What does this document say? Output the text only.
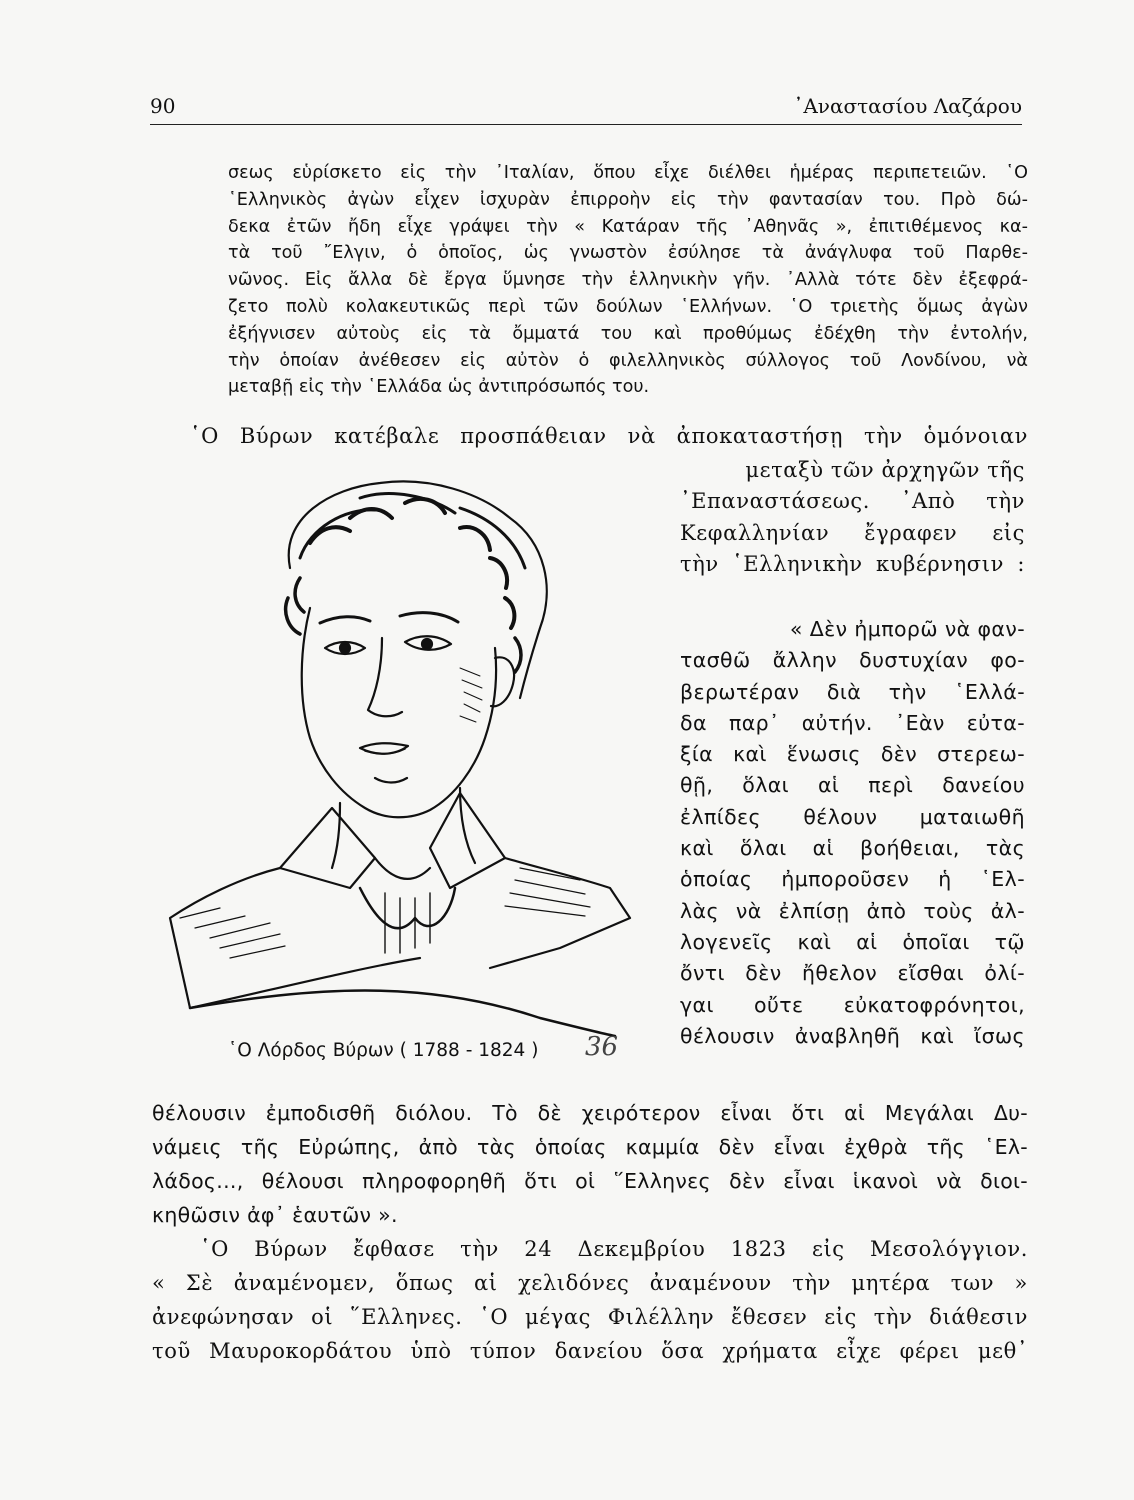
90	᾿Αναστασίου Λαζάρου
σεως εὑρίσκετο εἰς τὴν ᾿Ιταλίαν, ὅπου εἶχε διέλθει ἡμέρας περιπετειῶν. ῾Ο
῾Ελληνικὸς ἀγὼν εἶχεν ἰσχυρὰν ἐπιρροὴν εἰς τὴν φαντασίαν του. Πρὸ δώ-
δεκα ἐτῶν ἤδη εἶχε γράψει τὴν « Κατάραν τῆς ᾿Αθηνᾶς », ἐπιτιθέμενος κα-
τὰ τοῦ ῎Ελγιν, ὁ ὁποῖος, ὡς γνωστὸν ἐσύλησε τὰ ἀνάγλυφα τοῦ Παρθε-
νῶνος. Εἰς ἄλλα δὲ ἔργα ὕμνησε τὴν ἑλληνικὴν γῆν. ᾿Αλλὰ τότε δὲν ἐξεφρά-
ζετο πολὺ κολακευτικῶς περὶ τῶν δούλων ῾Ελλήνων. ῾Ο τριετὴς ὅμως ἀγὼν
ἐξήγνισεν αὐτοὺς εἰς τὰ ὄμματά του καὶ προθύμως ἐδέχθη τὴν ἐντολήν,
τὴν ὁποίαν ἀνέθεσεν εἰς αὐτὸν ὁ φιλελληνικὸς σύλλογος τοῦ Λονδίνου, νὰ
μεταβῇ εἰς τὴν ῾Ελλάδα ὡς ἀντιπρόσωπός του.
῾Ο Βύρων κατέβαλε προσπάθειαν νὰ ἀποκαταστήσῃ τὴν ὁμόνοιαν
μεταξὺ τῶν ἀρχηγῶν τῆς
᾿Επαναστάσεως. ᾿Απὸ τὴν
Κεφαλληνίαν ἔγραφεν εἰς
τὴν ῾Ελληνικὴν κυβέρνησιν :
« Δὲν ἠμπορῶ νὰ φαν-
τασθῶ ἄλλην δυστυχίαν φο-
βερωτέραν διὰ τὴν ῾Ελλά-
δα παρ᾿ αὐτήν. ᾿Εὰν εὐτα-
ξία καὶ ἕνωσις δὲν στερεω-
θῇ, ὅλαι αἱ περὶ δανείου
ἐλπίδες θέλουν ματαιωθῆ
καὶ ὅλαι αἱ βοήθειαι, τὰς
ὁποίας ἠμποροῦσεν ἡ ῾Ελ-
λὰς νὰ ἐλπίσῃ ἀπὸ τοὺς ἀλ-
λογενεῖς καὶ αἱ ὁποῖαι τῷ
ὄντι δὲν ἤθελον εἴσθαι ὀλί-
γαι οὔτε εὐκατοφρόνητοι,
θέλουσιν ἀναβληθῆ καὶ ἴσως
θέλουσιν ἐμποδισθῆ διόλου. Τὸ δὲ χειρότερον εἶναι ὅτι αἱ Μεγάλαι Δυ-
νάμεις τῆς Εὐρώπης, ἀπὸ τὰς ὁποίας καμμία δὲν εἶναι ἐχθρὰ τῆς ῾Ελ-
λάδος..., θέλουσι πληροφορηθῆ ὅτι οἱ ῞Ελληνες δὲν εἶναι ἱκανοὶ νὰ διοι-
κηθῶσιν ἀφ᾿ ἑαυτῶν ».
῾Ο Βύρων ἔφθασε τὴν 24 Δεκεμβρίου 1823 εἰς Μεσολόγγιον.
« Σὲ ἀναμένομεν, ὅπως αἱ χελιδόνες ἀναμένουν τὴν μητέρα των »
ἀνεφώνησαν οἱ ῞Ελληνες. ῾Ο μέγας Φιλέλλην ἔθεσεν εἰς τὴν διάθεσιν
τοῦ Μαυροκορδάτου ὑπὸ τύπον δανείου ὅσα χρήματα εἶχε φέρει μεθ᾿
῾Ο Λόρδος Βύρων ( 1788 - 1824 ) 36
